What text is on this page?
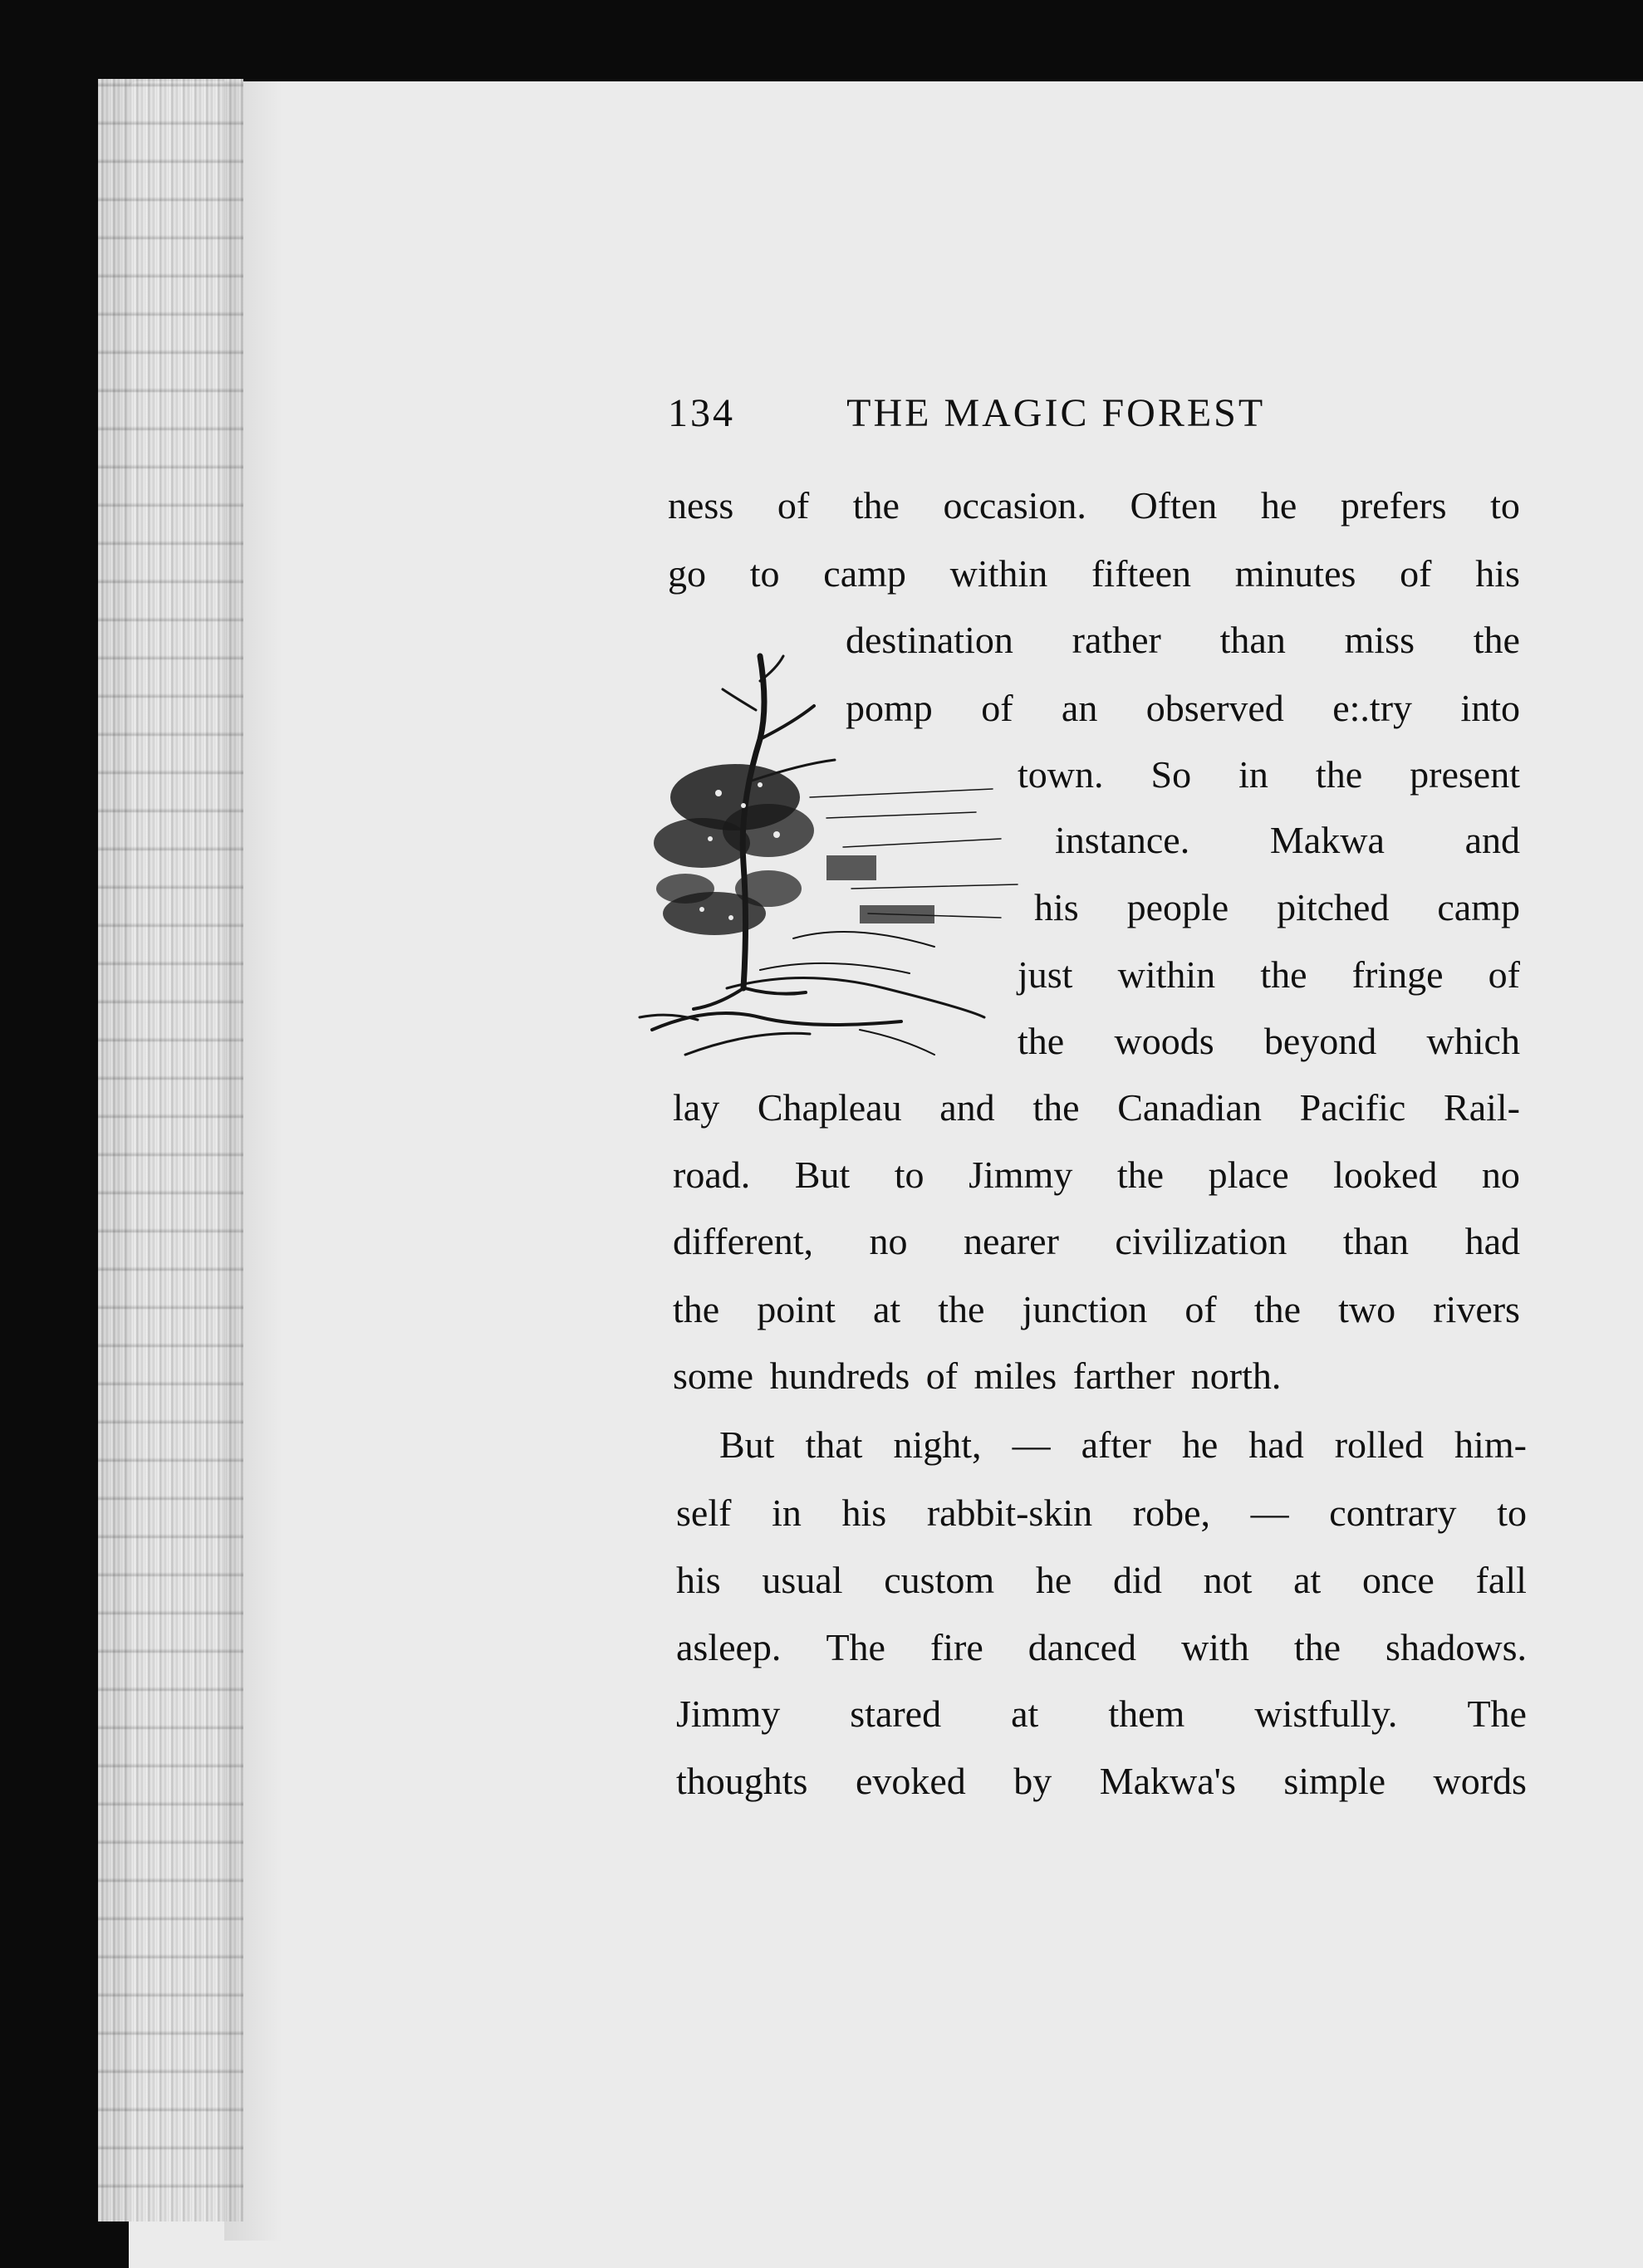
134	THE MAGIC FOREST
ness of the occasion. Often he prefers to
go to camp within fifteen minutes of his
destination rather than miss the
pomp of an observed e:.try into
town. So in the present
instance. Makwa and
his people pitched camp
just within the fringe of
the woods beyond which
lay Chapleau and the Canadian Pacific Rail-
road. But to Jimmy the place looked no
different, no nearer civilization than had
the point at the junction of the two rivers
some hundreds of miles farther north.
But that night, — after he had rolled him-
self in his rabbit-skin robe, — contrary to
his usual custom he did not at once fall
asleep. The fire danced with the shadows.
Jimmy stared at them wistfully. The
thoughts evoked by Makwa's simple words
